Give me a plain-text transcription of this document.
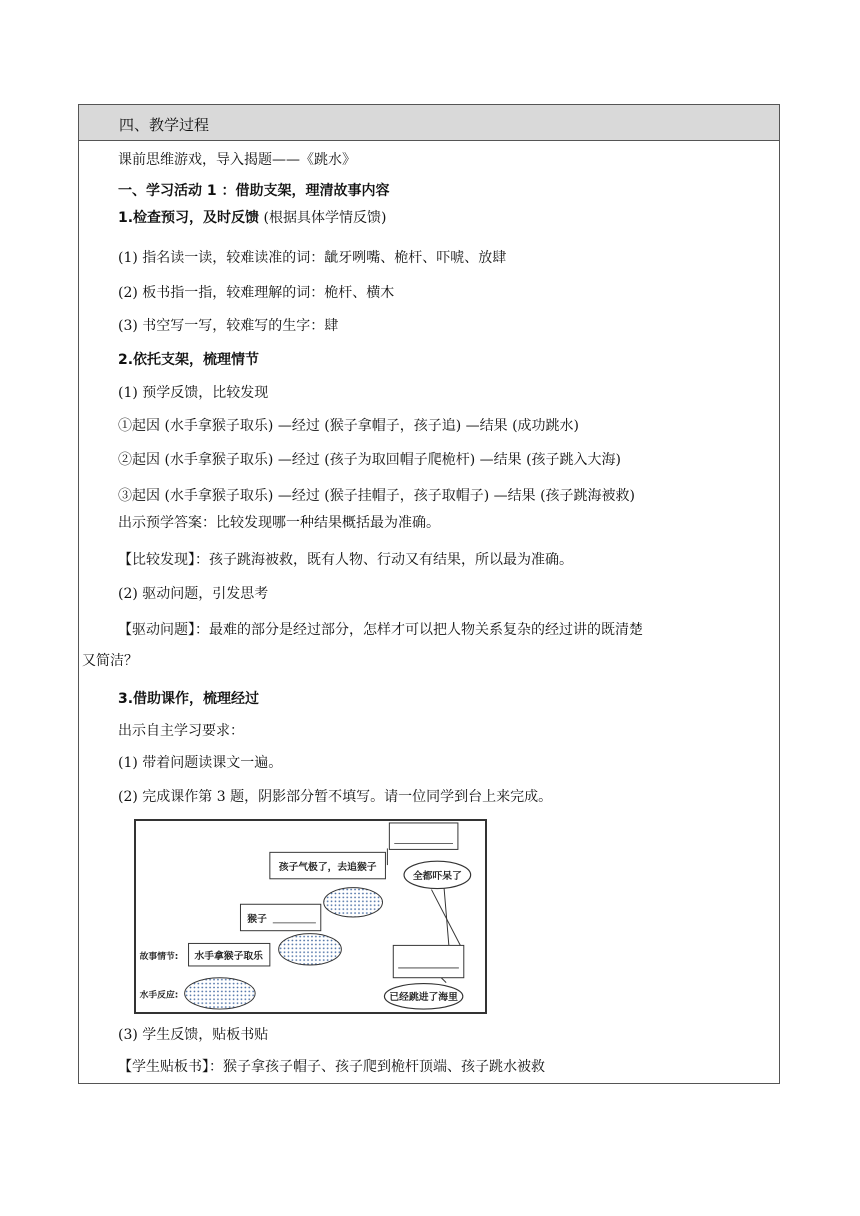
四、教学过程
课前思维游戏，导入揭题——《跳水》
一、学习活动 1 ：借助支架，理清故事内容
1.检查预习，及时反馈 (根据具体学情反馈)
(1) 指名读一读，较难读准的词：龇牙咧嘴、桅杆、吓唬、放肆
(2) 板书指一指，较难理解的词：桅杆、横木
(3) 书空写一写，较难写的生字：肆
2.依托支架，梳理情节
(1) 预学反馈，比较发现
①起因 (水手拿猴子取乐) —经过 (猴子拿帽子，孩子追) —结果 (成功跳水)
②起因 (水手拿猴子取乐) —经过 (孩子为取回帽子爬桅杆) —结果 (孩子跳入大海)
③起因 (水手拿猴子取乐) —经过 (猴子挂帽子，孩子取帽子) —结果 (孩子跳海被救)
出示预学答案：比较发现哪一种结果概括最为准确。
【比较发现】：孩子跳海被救，既有人物、行动又有结果，所以最为准确。
(2) 驱动问题，引发思考
【驱动问题】：最难的部分是经过部分，怎样才可以把人物关系复杂的经过讲的既清楚
又简洁？
3.借助课作，梳理经过
出示自主学习要求：
(1) 带着问题读课文一遍。
(2) 完成课作第 3 题，阴影部分暂不填写。请一位同学到台上来完成。
全都吓呆了
孩子气极了，去追猴子
猴子
水手拿猴子取乐
故事情节:
水手反应:	已经跳进了海里
(3) 学生反馈，贴板书贴
【学生贴板书】：猴子拿孩子帽子、孩子爬到桅杆顶端、孩子跳水被救
